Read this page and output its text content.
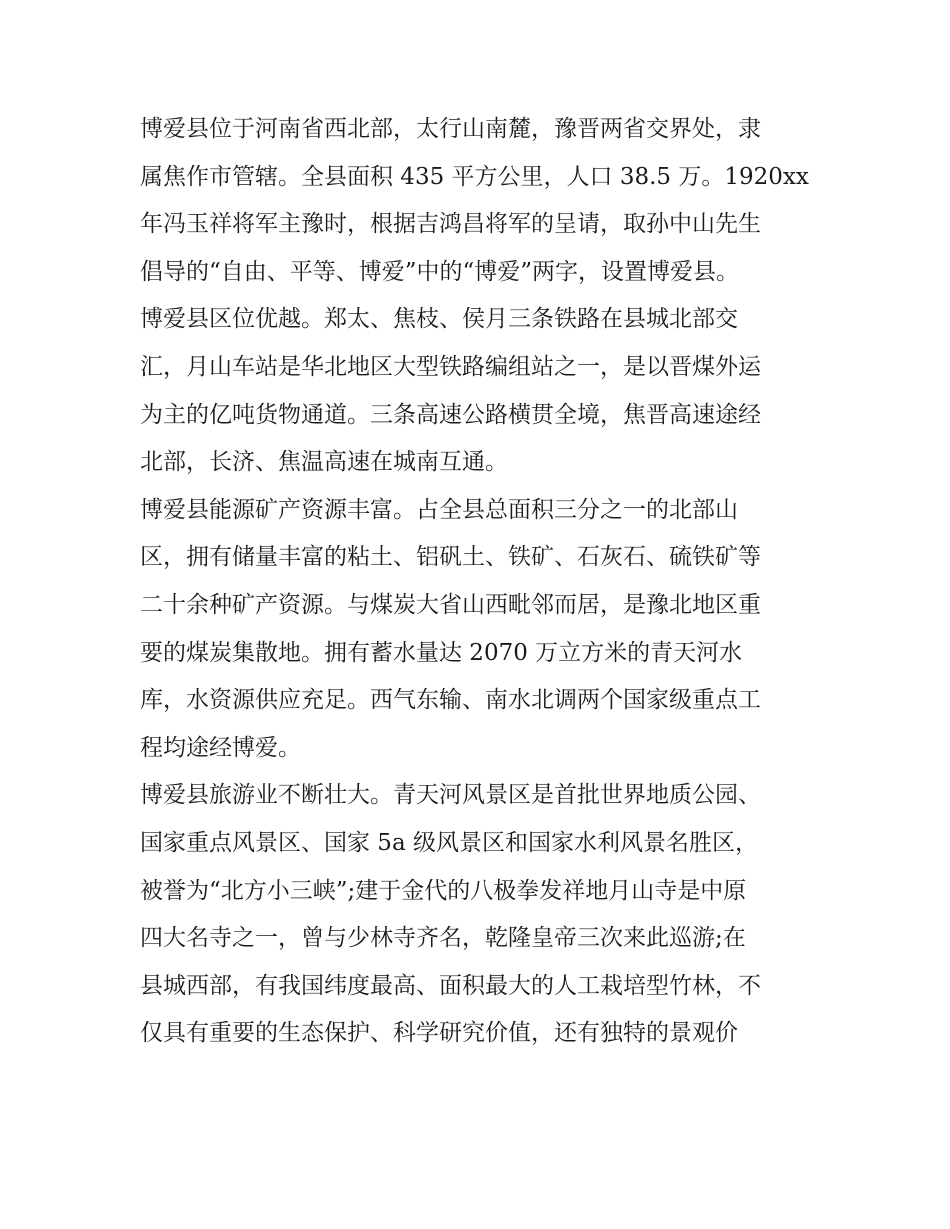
博爱县位于河南省西北部，太行山南麓，豫晋两省交界处，隶
属焦作市管辖。全县面积 435 平方公里，人口 38.5 万。1920xx
年冯玉祥将军主豫时，根据吉鸿昌将军的呈请，取孙中山先生
倡导的“自由、平等、博爱”中的“博爱”两字，设置博爱县。
博爱县区位优越。郑太、焦枝、侯月三条铁路在县城北部交
汇，月山车站是华北地区大型铁路编组站之一，是以晋煤外运
为主的亿吨货物通道。三条高速公路横贯全境，焦晋高速途经
北部，长济、焦温高速在城南互通。
博爱县能源矿产资源丰富。占全县总面积三分之一的北部山
区，拥有储量丰富的粘土、铝矾土、铁矿、石灰石、硫铁矿等
二十余种矿产资源。与煤炭大省山西毗邻而居，是豫北地区重
要的煤炭集散地。拥有蓄水量达 2070 万立方米的青天河水
库，水资源供应充足。西气东输、南水北调两个国家级重点工
程均途经博爱。
博爱县旅游业不断壮大。青天河风景区是首批世界地质公园、
国家重点风景区、国家 5a 级风景区和国家水利风景名胜区，
被誉为“北方小三峡”;建于金代的八极拳发祥地月山寺是中原
四大名寺之一，曾与少林寺齐名，乾隆皇帝三次来此巡游;在
县城西部，有我国纬度最高、面积最大的人工栽培型竹林，不
仅具有重要的生态保护、科学研究价值，还有独特的景观价
